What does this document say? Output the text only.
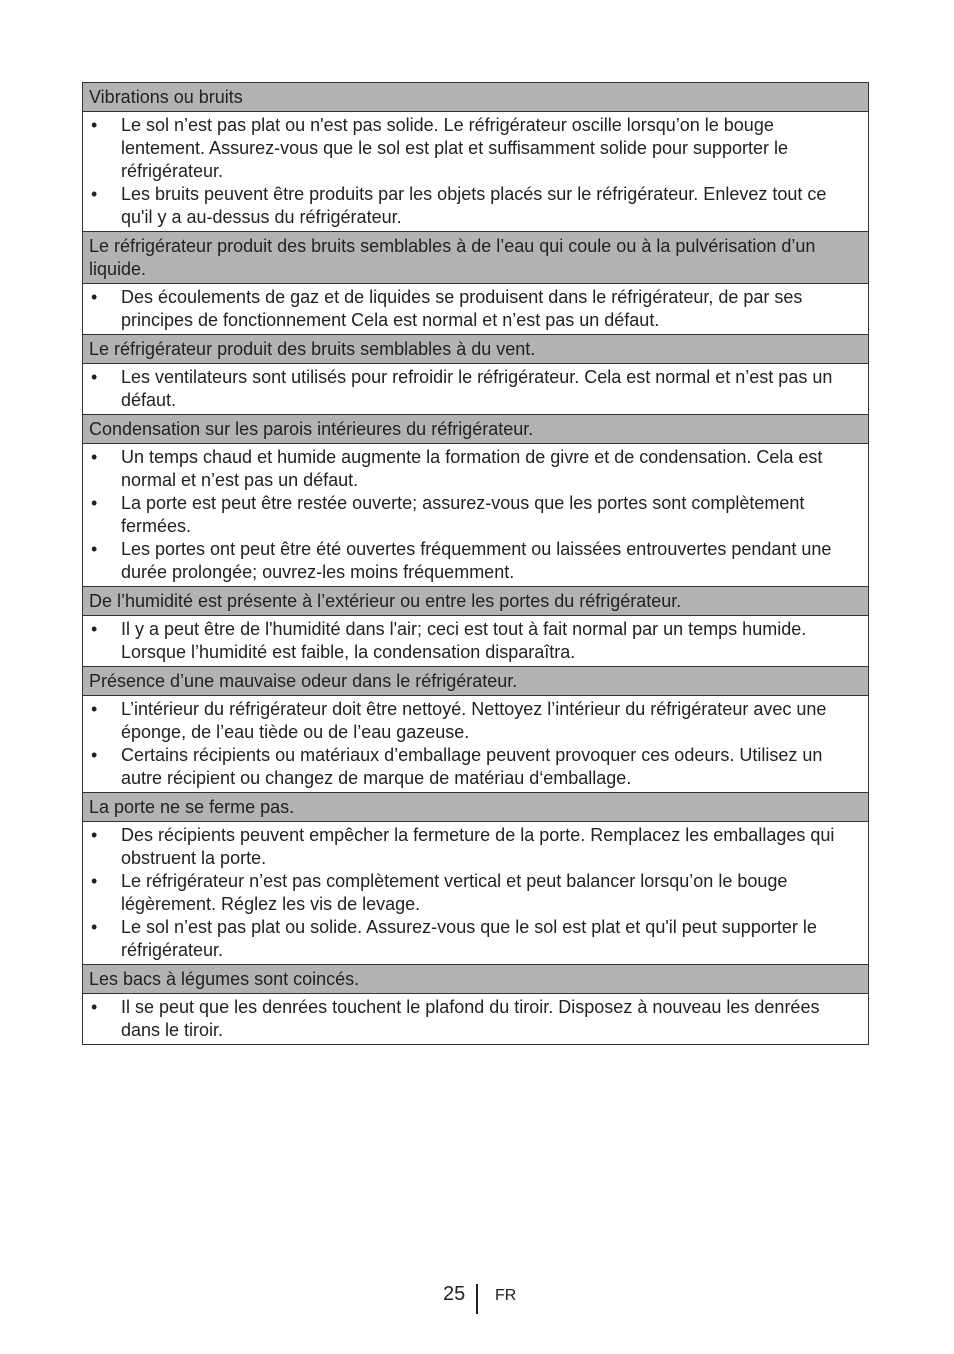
Vibrations ou bruits
•	Le sol n’est pas plat ou n'est pas solide. Le réfrigérateur oscille lorsqu’on le bouge lentement. Assurez-vous que le sol est plat et suffisamment solide pour supporter le réfrigérateur.
•	Les bruits peuvent être produits par les objets placés sur le réfrigérateur. Enlevez tout ce qu'il y a au-dessus du réfrigérateur.
Le réfrigérateur produit des bruits semblables à de l’eau qui coule ou à la pulvérisation d’un liquide.
•	Des écoulements de gaz et de liquides se produisent dans le réfrigérateur, de par ses principes de fonctionnement Cela est normal et n’est pas un défaut.
Le réfrigérateur produit des bruits semblables à du vent.
•	Les ventilateurs sont utilisés pour refroidir le réfrigérateur. Cela est normal et n’est pas un défaut.
Condensation sur les parois intérieures du réfrigérateur.
•	Un temps chaud et humide augmente la formation de givre et de condensation. Cela est normal et n’est pas un défaut.
•	La porte est peut être restée ouverte; assurez-vous que les portes sont complètement fermées.
•	Les portes ont peut être été ouvertes fréquemment ou laissées entrouvertes pendant une durée prolongée; ouvrez-les moins fréquemment.
De l’humidité est présente à l’extérieur ou entre les portes du réfrigérateur.
•	Il y a peut être de l'humidité dans l'air; ceci est tout à fait normal par un temps humide. Lorsque l’humidité est faible, la condensation disparaîtra.
Présence d’une mauvaise odeur dans le réfrigérateur.
•	L’intérieur du réfrigérateur doit être nettoyé. Nettoyez l’intérieur du réfrigérateur avec une éponge, de l’eau tiède ou de l’eau gazeuse.
•	Certains récipients ou matériaux d’emballage peuvent provoquer ces odeurs. Utilisez un autre récipient ou changez de marque de matériau d‘emballage.
La porte ne se ferme pas.
•	Des récipients peuvent empêcher la fermeture de la porte. Remplacez les emballages qui obstruent la porte.
•	Le réfrigérateur n’est pas complètement vertical et peut balancer lorsqu’on le bouge légèrement. Réglez les vis de levage.
•	Le sol n’est pas plat ou solide. Assurez-vous que le sol est plat et qu'il peut supporter le réfrigérateur.
Les bacs à légumes sont coincés.
•	Il se peut que les denrées touchent le plafond du tiroir. Disposez à nouveau les denrées dans le tiroir.
25 FR
